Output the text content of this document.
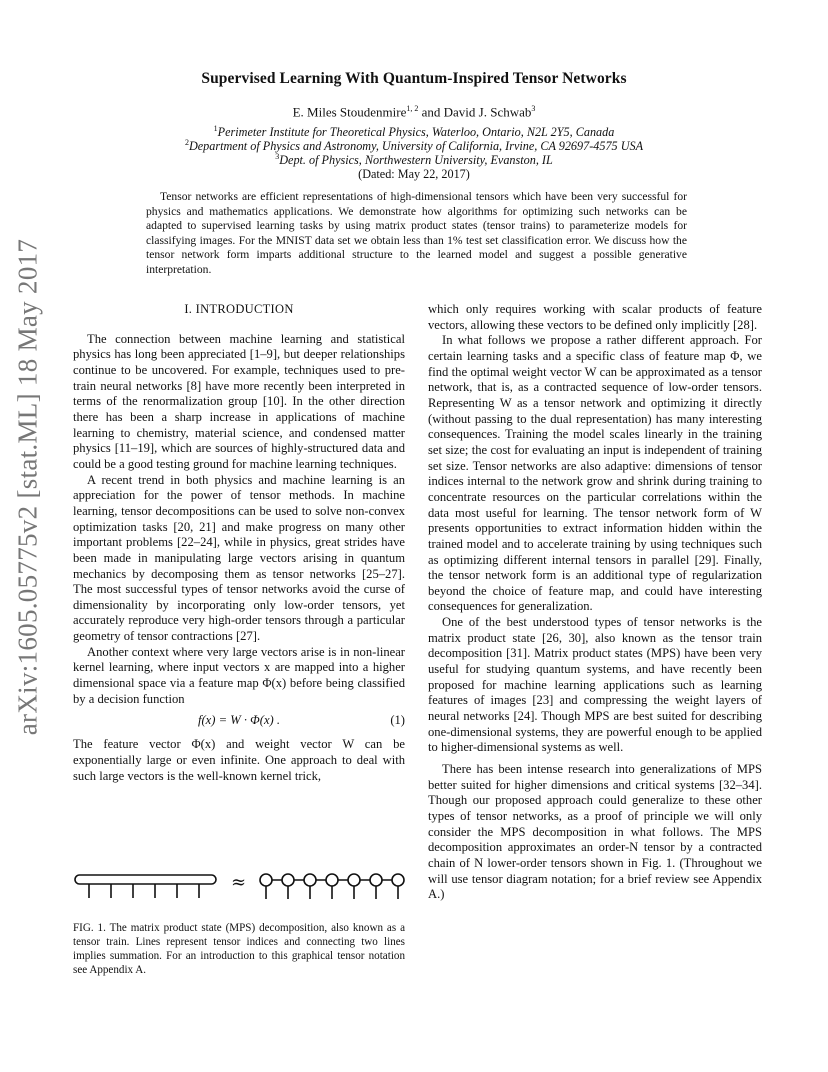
arXiv:1605.05775v2 [stat.ML] 18 May 2017
Supervised Learning With Quantum-Inspired Tensor Networks
E. Miles Stoudenmire$^{1, 2}$ and David J. Schwab$^3$
$^1$Perimeter Institute for Theoretical Physics, Waterloo, Ontario, N2L 2Y5, Canada
$^2$Department of Physics and Astronomy, University of California, Irvine, CA 92697-4575 USA
$^3$Dept. of Physics, Northwestern University, Evanston, IL
(Dated: May 22, 2017)

Tensor networks are efficient representations of high-dimensional tensors which have been very successful for physics and mathematics applications. We demonstrate how algorithms for optimizing such networks can be adapted to supervised learning tasks by using matrix product states (tensor trains) to parameterize models for classifying images. For the MNIST data set we obtain less than 1% test set classification error. We discuss how the tensor network form imparts additional structure to the learned model and suggest a possible generative interpretation.

I. INTRODUCTION

The connection between machine learning and statistical physics has long been appreciated [1–9], but deeper relationships continue to be uncovered. For example, techniques used to pre-train neural networks [8] have more recently been interpreted in terms of the renormalization group [10]. In the other direction there has been a sharp increase in applications of machine learning to chemistry, material science, and condensed matter physics [11–19], which are sources of highly-structured data and could be a good testing ground for machine learning techniques.

A recent trend in both physics and machine learning is an appreciation for the power of tensor methods. In machine learning, tensor decompositions can be used to solve non-convex optimization tasks [20, 21] and make progress on many other important problems [22–24], while in physics, great strides have been made in manipulating large vectors arising in quantum mechanics by decomposing them as tensor networks [25–27]. The most successful types of tensor networks avoid the curse of dimensionality by incorporating only low-order tensors, yet accurately reproduce very high-order tensors through a particular geometry of tensor contractions [27].

Another context where very large vectors arise is in non-linear kernel learning, where input vectors x are mapped into a higher dimensional space via a feature map Φ(x) before being classified by a decision function

f(x) = W · Φ(x) .	(1)

The feature vector Φ(x) and weight vector W can be exponentially large or even infinite. One approach to deal with such large vectors is the well-known kernel trick,

≈
FIG. 1. The matrix product state (MPS) decomposition, also known as a tensor train. Lines represent tensor indices and connecting two lines implies summation. For an introduction to this graphical tensor notation see Appendix A.

which only requires working with scalar products of feature vectors, allowing these vectors to be defined only implicitly [28].

In what follows we propose a rather different approach. For certain learning tasks and a specific class of feature map Φ, we find the optimal weight vector W can be approximated as a tensor network, that is, as a contracted sequence of low-order tensors. Representing W as a tensor network and optimizing it directly (without passing to the dual representation) has many interesting consequences. Training the model scales linearly in the training set size; the cost for evaluating an input is independent of training set size. Tensor networks are also adaptive: dimensions of tensor indices internal to the network grow and shrink during training to concentrate resources on the particular correlations within the data most useful for learning. The tensor network form of W presents opportunities to extract information hidden within the trained model and to accelerate training by using techniques such as optimizing different internal tensors in parallel [29]. Finally, the tensor network form is an additional type of regularization beyond the choice of feature map, and could have interesting consequences for generalization.

One of the best understood types of tensor networks is the matrix product state [26, 30], also known as the tensor train decomposition [31]. Matrix product states (MPS) have been very useful for studying quantum systems, and have recently been proposed for machine learning applications such as learning features of images [23] and compressing the weight layers of neural networks [24]. Though MPS are best suited for describing one-dimensional systems, they are powerful enough to be applied to higher-dimensional systems as well.

There has been intense research into generalizations of MPS better suited for higher dimensions and critical systems [32–34]. Though our proposed approach could generalize to these other types of tensor networks, as a proof of principle we will only consider the MPS decomposition in what follows. The MPS decomposition approximates an order-N tensor by a contracted chain of N lower-order tensors shown in Fig. 1. (Throughout we will use tensor diagram notation; for a brief review see Appendix A.)
